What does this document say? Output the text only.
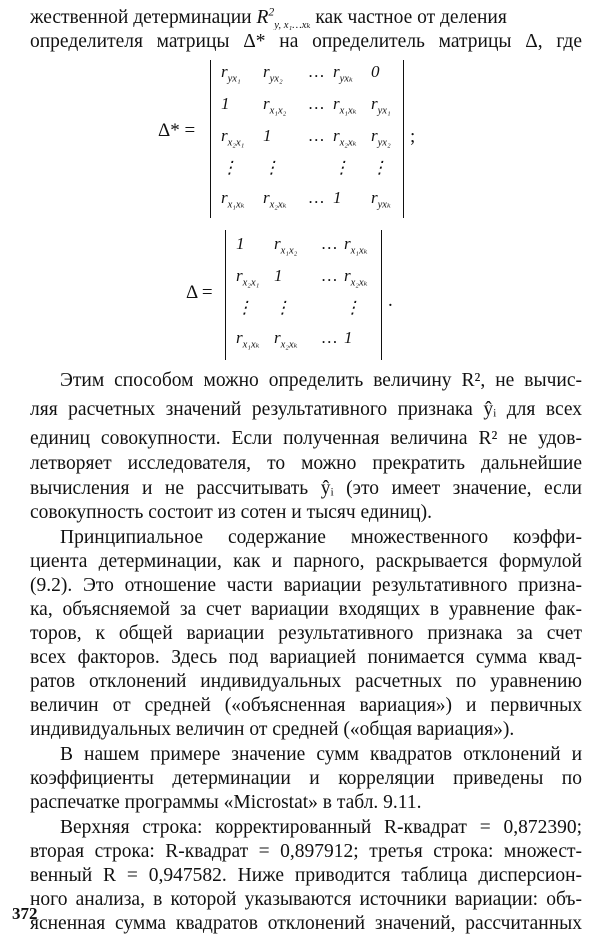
жественной детерминации $R^2_{y, x_1\dots x_k}$ как частное от деления
определителя матрицы Δ* на определитель матрицы Δ, где
Δ* =
$r_{yx_1}$ $r_{yx_2}$ … $r_{yx_k}$ 0
1 $r_{x_1x_2}$ … $r_{x_1x_k}$ $r_{yx_1}$
$r_{x_2x_1}$ 1 … $r_{x_2x_k}$ $r_{yx_2}$
⋮ ⋮	⋮ ⋮
$r_{x_1x_k}$ $r_{x_2x_k}$ … 1 $r_{yx_k}$
;
Δ =
1 $r_{x_1x_2}$ … $r_{x_1x_k}$
$r_{x_2x_1}$ 1 … $r_{x_2x_k}$
⋮ ⋮	⋮
$r_{x_1x_k}$ $r_{x_2x_k}$ … 1
.
Этим способом можно определить величину R², не вычис-
ляя расчетных значений результативного признака ŷᵢ для всех
единиц совокупности. Если полученная величина R² не удов-
летворяет исследователя, то можно прекратить дальнейшие
вычисления и не рассчитывать ŷᵢ (это имеет значение, если
совокупность состоит из сотен и тысяч единиц).
Принципиальное содержание множественного коэффи-
циента детерминации, как и парного, раскрывается формулой
(9.2). Это отношение части вариации результативного призна-
ка, объясняемой за счет вариации входящих в уравнение фак-
торов, к общей вариации результативного признака за счет
всех факторов. Здесь под вариацией понимается сумма квад-
ратов отклонений индивидуальных расчетных по уравнению
величин от средней («объясненная вариация») и первичных
индивидуальных величин от средней («общая вариация»).
В нашем примере значение сумм квадратов отклонений и
коэффициенты детерминации и корреляции приведены по
распечатке программы «Microstat» в табл. 9.11.
Верхняя строка: корректированный R-квадрат = 0,872390;
вторая строка: R-квадрат = 0,897912; третья строка: множест-
венный R = 0,947582. Ниже приводится таблица дисперсион-
ного анализа, в которой указываются источники вариации: объ-
ясненная сумма квадратов отклонений значений, рассчитанных
372
